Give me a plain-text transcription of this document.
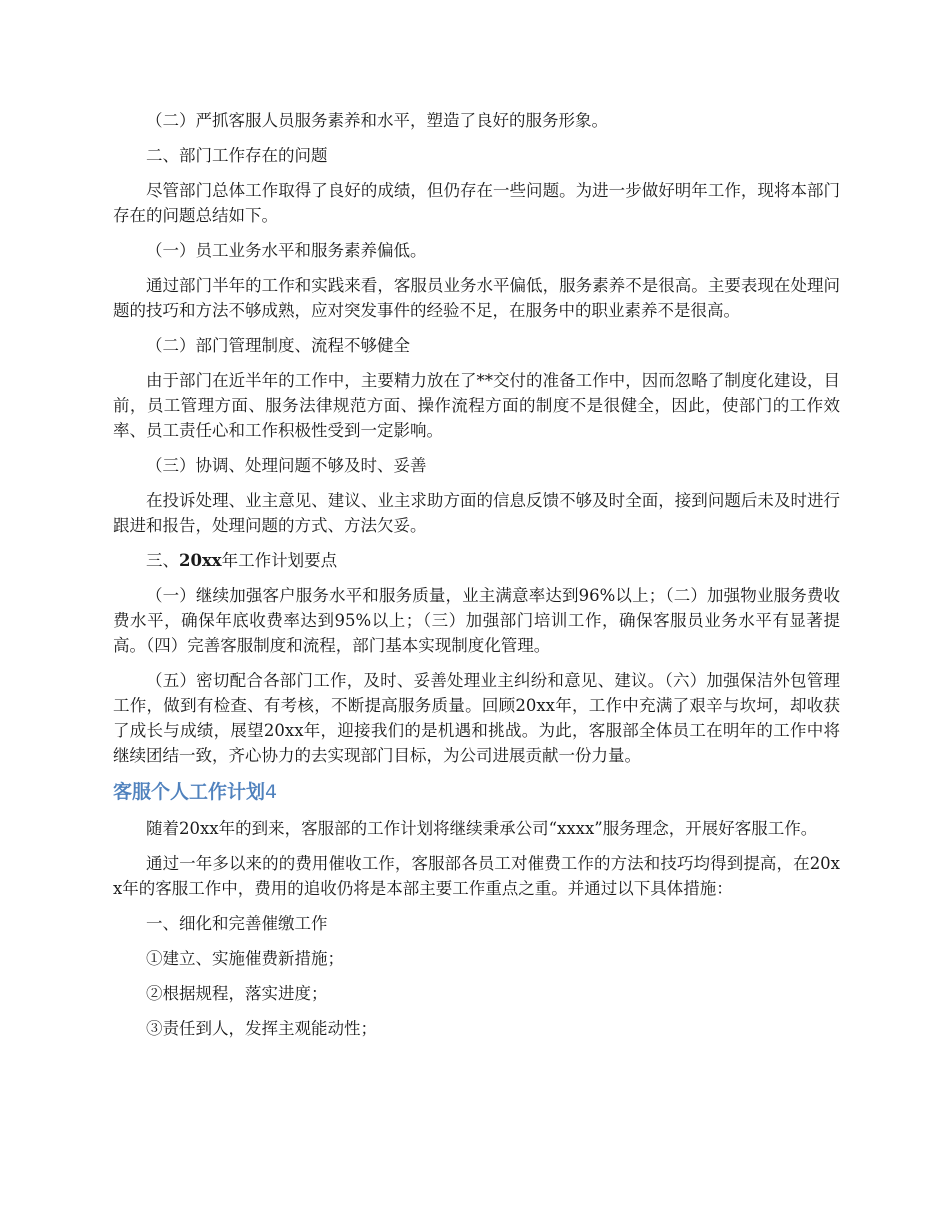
（二）严抓客服人员服务素养和水平，塑造了良好的服务形象。

二、部门工作存在的问题

尽管部门总体工作取得了良好的成绩，但仍存在一些问题。为进一步做好明年工作，现将本部门存在的问题总结如下。

（一）员工业务水平和服务素养偏低。

通过部门半年的工作和实践来看，客服员业务水平偏低，服务素养不是很高。主要表现在处理问题的技巧和方法不够成熟，应对突发事件的经验不足，在服务中的职业素养不是很高。

（二）部门管理制度、流程不够健全

由于部门在近半年的工作中，主要精力放在了**交付的准备工作中，因而忽略了制度化建设，目前，员工管理方面、服务法律规范方面、操作流程方面的制度不是很健全，因此，使部门的工作效率、员工责任心和工作积极性受到一定影响。

（三）协调、处理问题不够及时、妥善

在投诉处理、业主意见、建议、业主求助方面的信息反馈不够及时全面，接到问题后未及时进行跟进和报告，处理问题的方式、方法欠妥。

三、20xx年工作计划要点

（一）继续加强客户服务水平和服务质量，业主满意率达到96%以上；（二）加强物业服务费收费水平，确保年底收费率达到95%以上；（三）加强部门培训工作，确保客服员业务水平有显著提高。（四）完善客服制度和流程，部门基本实现制度化管理。

（五）密切配合各部门工作，及时、妥善处理业主纠纷和意见、建议。（六）加强保洁外包管理工作，做到有检查、有考核，不断提高服务质量。回顾20xx年，工作中充满了艰辛与坎坷，却收获了成长与成绩，展望20xx年，迎接我们的是机遇和挑战。为此，客服部全体员工在明年的工作中将继续团结一致，齐心协力的去实现部门目标，为公司进展贡献一份力量。

客服个人工作计划4

随着20xx年的到来，客服部的工作计划将继续秉承公司“xxxx”服务理念，开展好客服工作。

通过一年多以来的的费用催收工作，客服部各员工对催费工作的方法和技巧均得到提高，在20xx年的客服工作中，费用的追收仍将是本部主要工作重点之重。并通过以下具体措施：

一、细化和完善催缴工作

①建立、实施催费新措施；

②根据规程，落实进度；

③责任到人，发挥主观能动性；
